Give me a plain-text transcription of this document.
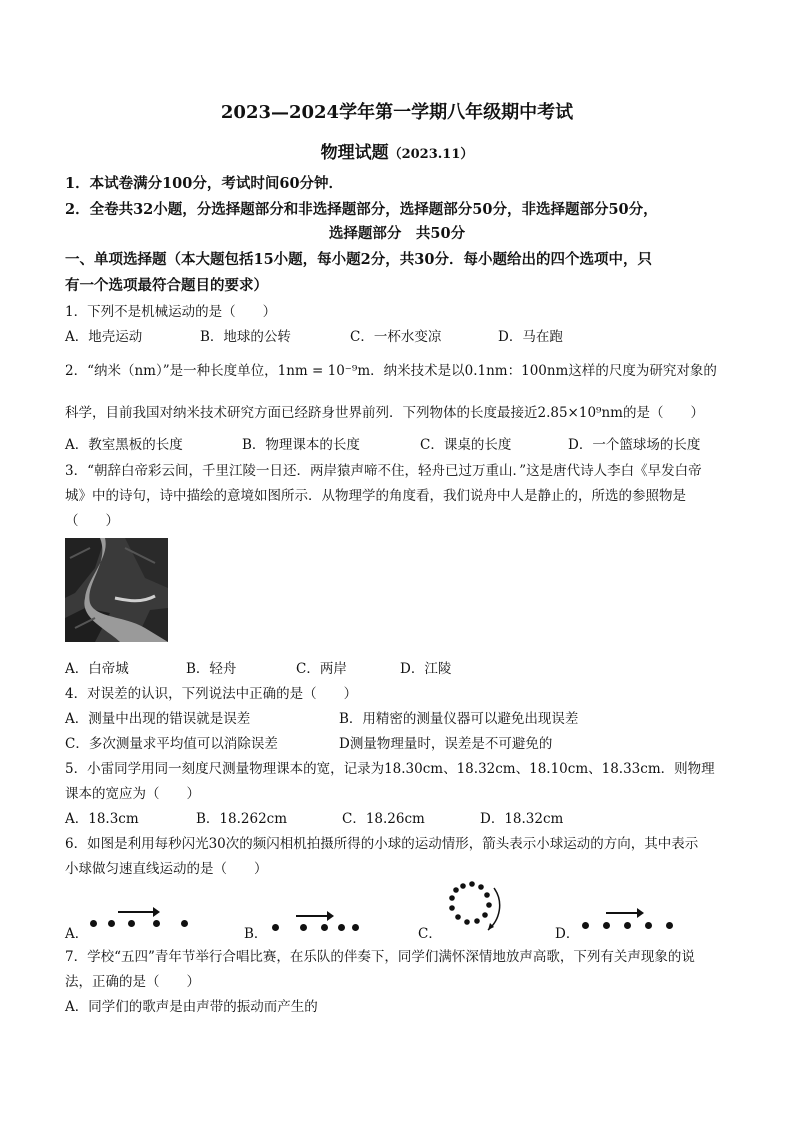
2023—2024学年第一学期八年级期中考试
物理试题（2023.11）
1．本试卷满分100分，考试时间60分钟．
2．全卷共32小题，分选择题部分和非选择题部分，选择题部分50分，非选择题部分50分，
选择题部分　共50分
一、单项选择题（本大题包括15小题，每小题2分，共30分．每小题给出的四个选项中，只
有一个选项最符合题目的要求）
1．下列不是机械运动的是（　　）
A．地壳运动	B．地球的公转	C．一杯水变凉	D．马在跑
2．“纳米（nm）”是一种长度单位，1nm = 10⁻⁹m．纳米技术是以0.1nm：100nm这样的尺度为研究对象的
科学，目前我国对纳米技术研究方面已经跻身世界前列．下列物体的长度最接近2.85×10⁹nm的是（　　）
A．教室黑板的长度	B．物理课本的长度	C．课桌的长度	D．一个篮球场的长度
3．“朝辞白帝彩云间，千里江陵一日还．两岸猿声啼不住，轻舟已过万重山．”这是唐代诗人李白《早发白帝
城》中的诗句，诗中描绘的意境如图所示．从物理学的角度看，我们说舟中人是静止的，所选的参照物是
（　　）
A．白帝城	B．轻舟	C．两岸	D．江陵
4．对误差的认识，下列说法中正确的是（　　）
A．测量中出现的错误就是误差	B．用精密的测量仪器可以避免出现误差
C．多次测量求平均值可以消除误差	D测量物理量时，误差是不可避免的
5．小雷同学用同一刻度尺测量物理课本的宽，记录为18.30cm、18.32cm、18.10cm、18.33cm．则物理
课本的宽应为（　　）
A．18.3cm	B．18.262cm	C．18.26cm	D．18.32cm
6．如图是利用每秒闪光30次的频闪相机拍摄所得的小球的运动情形，箭头表示小球运动的方向，其中表示
小球做匀速直线运动的是（　　）
A．	B．	C．	D．
7．学校“五四”青年节举行合唱比赛，在乐队的伴奏下，同学们满怀深情地放声高歌，下列有关声现象的说
法，正确的是（　　）
A．同学们的歌声是由声带的振动而产生的
